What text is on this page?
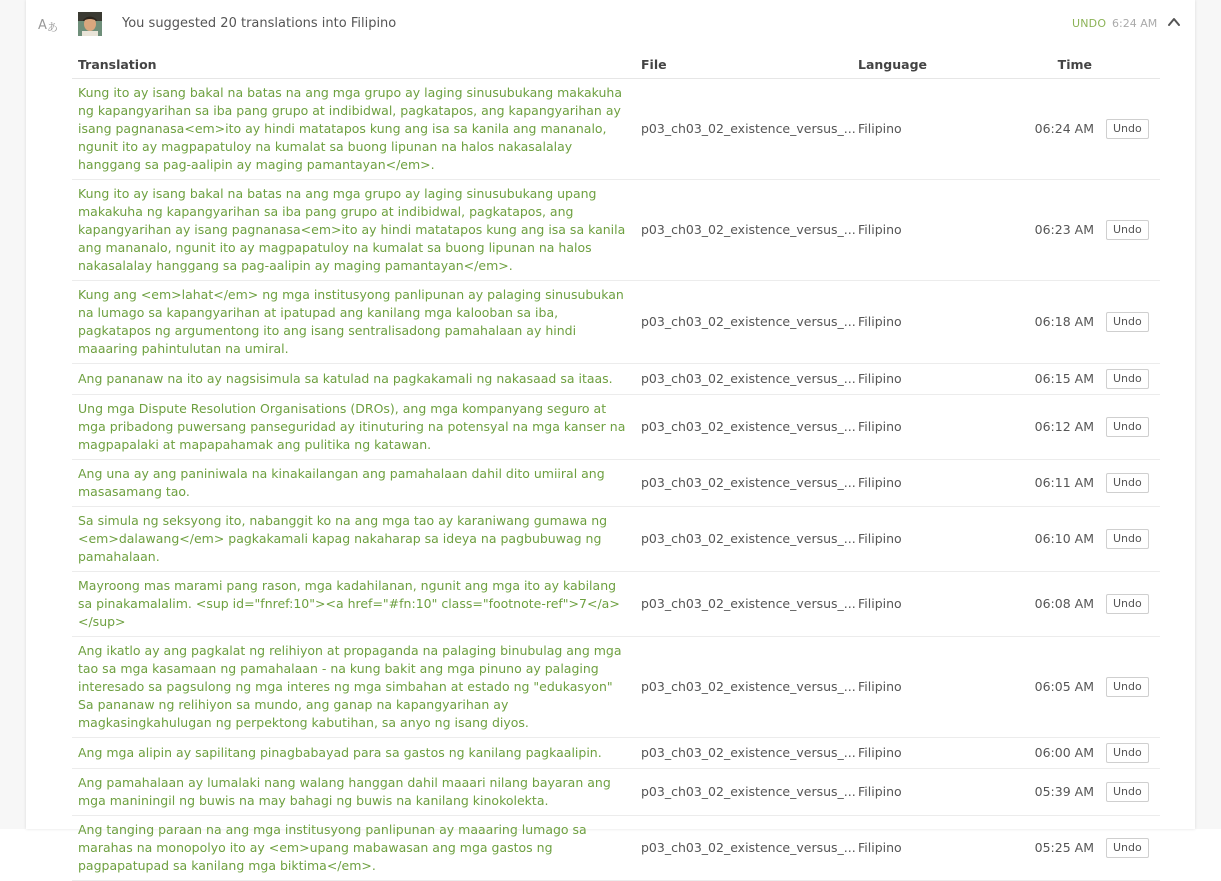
A あ	You suggested 20 translations into Filipino	UNDO 6:24 AM
Translation	File	Language	Time	
Kung ito ay isang bakal na batas na ang mga grupo ay laging sinusubukang makakuha ng kapangyarihan sa iba pang grupo at indibidwal, pagkatapos, ang kapangyarihan ay isang pagnanasa<em>ito ay hindi matatapos kung ang isa sa kanila ang mananalo, ngunit ito ay magpapatuloy na kumalat sa buong lipunan na halos nakasalalay hanggang sa pag-aalipin ay maging pamantayan</em>.	p03_ch03_02_existence_versus_...	Filipino	06:24 AM	Undo
Kung ito ay isang bakal na batas na ang mga grupo ay laging sinusubukang upang makakuha ng kapangyarihan sa iba pang grupo at indibidwal, pagkatapos, ang kapangyarihan ay isang pagnanasa<em>ito ay hindi matatapos kung ang isa sa kanila ang mananalo, ngunit ito ay magpapatuloy na kumalat sa buong lipunan na halos nakasalalay hanggang sa pag-aalipin ay maging pamantayan</em>.	p03_ch03_02_existence_versus_...	Filipino	06:23 AM	Undo
Kung ang <em>lahat</em> ng mga institusyong panlipunan ay palaging sinusubukan na lumago sa kapangyarihan at ipatupad ang kanilang mga kalooban sa iba, pagkatapos ng argumentong ito ang isang sentralisadong pamahalaan ay hindi maaaring pahintulutan na umiral.	p03_ch03_02_existence_versus_...	Filipino	06:18 AM	Undo
Ang pananaw na ito ay nagsisimula sa katulad na pagkakamali ng nakasaad sa itaas.	p03_ch03_02_existence_versus_...	Filipino	06:15 AM	Undo
Ung mga Dispute Resolution Organisations (DROs), ang mga kompanyang seguro at mga pribadong puwersang panseguridad ay itinuturing na potensyal na mga kanser na magpapalaki at mapapahamak ang pulitika ng katawan.	p03_ch03_02_existence_versus_...	Filipino	06:12 AM	Undo
Ang una ay ang paniniwala na kinakailangan ang pamahalaan dahil dito umiiral ang masasamang tao.	p03_ch03_02_existence_versus_...	Filipino	06:11 AM	Undo
Sa simula ng seksyong ito, nabanggit ko na ang mga tao ay karaniwang gumawa ng <em>dalawang</em> pagkakamali kapag nakaharap sa ideya na pagbubuwag ng pamahalaan.	p03_ch03_02_existence_versus_...	Filipino	06:10 AM	Undo
Mayroong mas marami pang rason, mga kadahilanan, ngunit ang mga ito ay kabilang sa pinakamalalim. <sup id="fnref:10"><a href="#fn:10" class="footnote-ref">7</a></sup>	p03_ch03_02_existence_versus_...	Filipino	06:08 AM	Undo
Ang ikatlo ay ang pagkalat ng relihiyon at propaganda na palaging binubulag ang mga tao sa mga kasamaan ng pamahalaan - na kung bakit ang mga pinuno ay palaging interesado sa pagsulong ng mga interes ng mga simbahan at estado ng "edukasyon" Sa pananaw ng relihiyon sa mundo, ang ganap na kapangyarihan ay magkasingkahulugan ng perpektong kabutihan, sa anyo ng isang diyos.	p03_ch03_02_existence_versus_...	Filipino	06:05 AM	Undo
Ang mga alipin ay sapilitang pinagbabayad para sa gastos ng kanilang pagkaalipin.	p03_ch03_02_existence_versus_...	Filipino	06:00 AM	Undo
Ang pamahalaan ay lumalaki nang walang hanggan dahil maaari nilang bayaran ang mga maniningil ng buwis na may bahagi ng buwis na kanilang kinokolekta.	p03_ch03_02_existence_versus_...	Filipino	05:39 AM	Undo
Ang tanging paraan na ang mga institusyong panlipunan ay maaaring lumago sa marahas na monopolyo ito ay <em>upang mabawasan ang mga gastos ng pagpapatupad sa kanilang mga biktima</em>.	p03_ch03_02_existence_versus_...	Filipino	05:25 AM	Undo
